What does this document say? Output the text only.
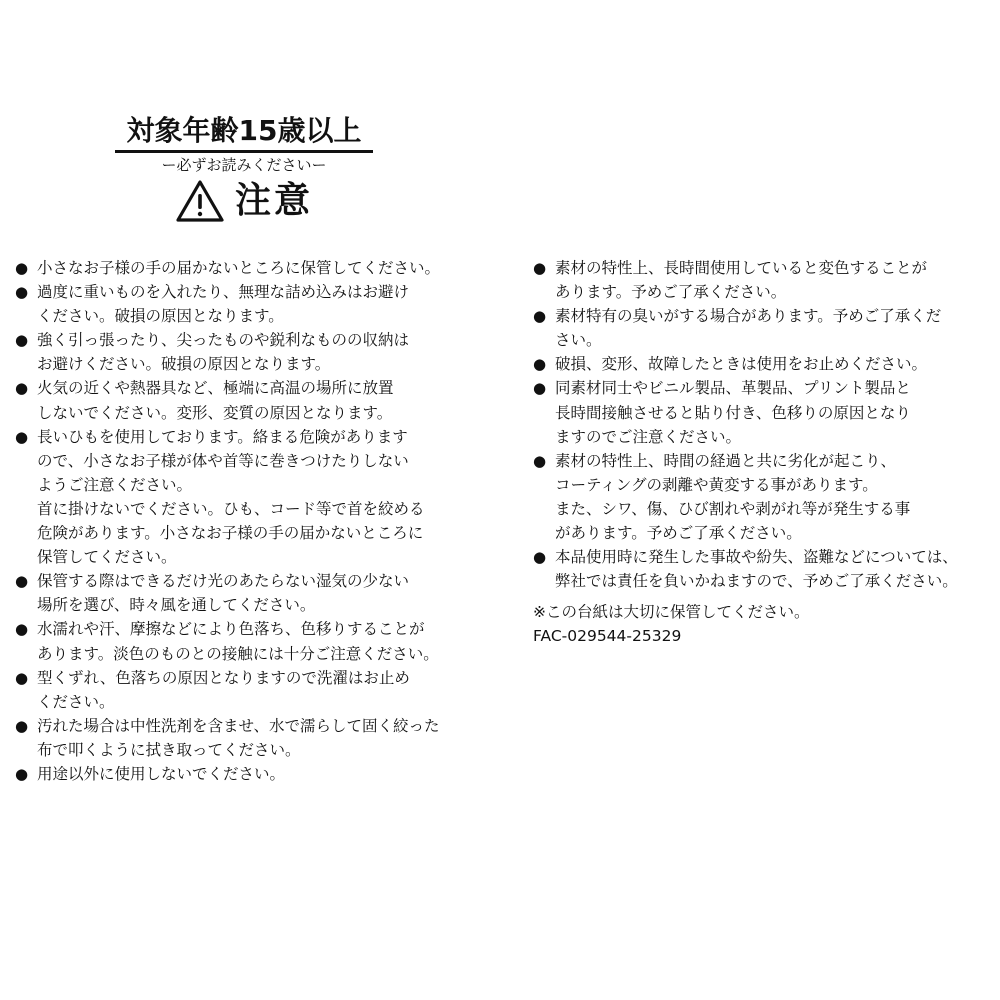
対象年齢15歳以上
ー必ずお読みくださいー
注意
● 小さなお子様の手の届かないところに保管してください。
● 過度に重いものを入れたり、無理な詰め込みはお避け
ください。破損の原因となります。
● 強く引っ張ったり、尖ったものや鋭利なものの収納は
お避けください。破損の原因となります。
● 火気の近くや熱器具など、極端に高温の場所に放置
しないでください。変形、変質の原因となります。
● 長いひもを使用しております。絡まる危険があります
ので、小さなお子様が体や首等に巻きつけたりしない
ようご注意ください。
首に掛けないでください。ひも、コード等で首を絞める
危険があります。小さなお子様の手の届かないところに
保管してください。
● 保管する際はできるだけ光のあたらない湿気の少ない
場所を選び、時々風を通してください。
● 水濡れや汗、摩擦などにより色落ち、色移りすることが
あります。淡色のものとの接触には十分ご注意ください。
● 型くずれ、色落ちの原因となりますので洗濯はお止め
ください。
● 汚れた場合は中性洗剤を含ませ、水で濡らして固く絞った
布で叩くように拭き取ってください。
● 用途以外に使用しないでください。
● 素材の特性上、長時間使用していると変色することが
あります。予めご了承ください。
● 素材特有の臭いがする場合があります。予めご了承くだ
さい。
● 破損、変形、故障したときは使用をお止めください。
● 同素材同士やビニル製品、革製品、プリント製品と
長時間接触させると貼り付き、色移りの原因となり
ますのでご注意ください。
● 素材の特性上、時間の経過と共に劣化が起こり、
コーティングの剥離や黄変する事があります。
また、シワ、傷、ひび割れや剥がれ等が発生する事
があります。予めご了承ください。
● 本品使用時に発生した事故や紛失、盗難などについては、
弊社では責任を負いかねますので、予めご了承ください。
※この台紙は大切に保管してください。
FAC-029544-25329
